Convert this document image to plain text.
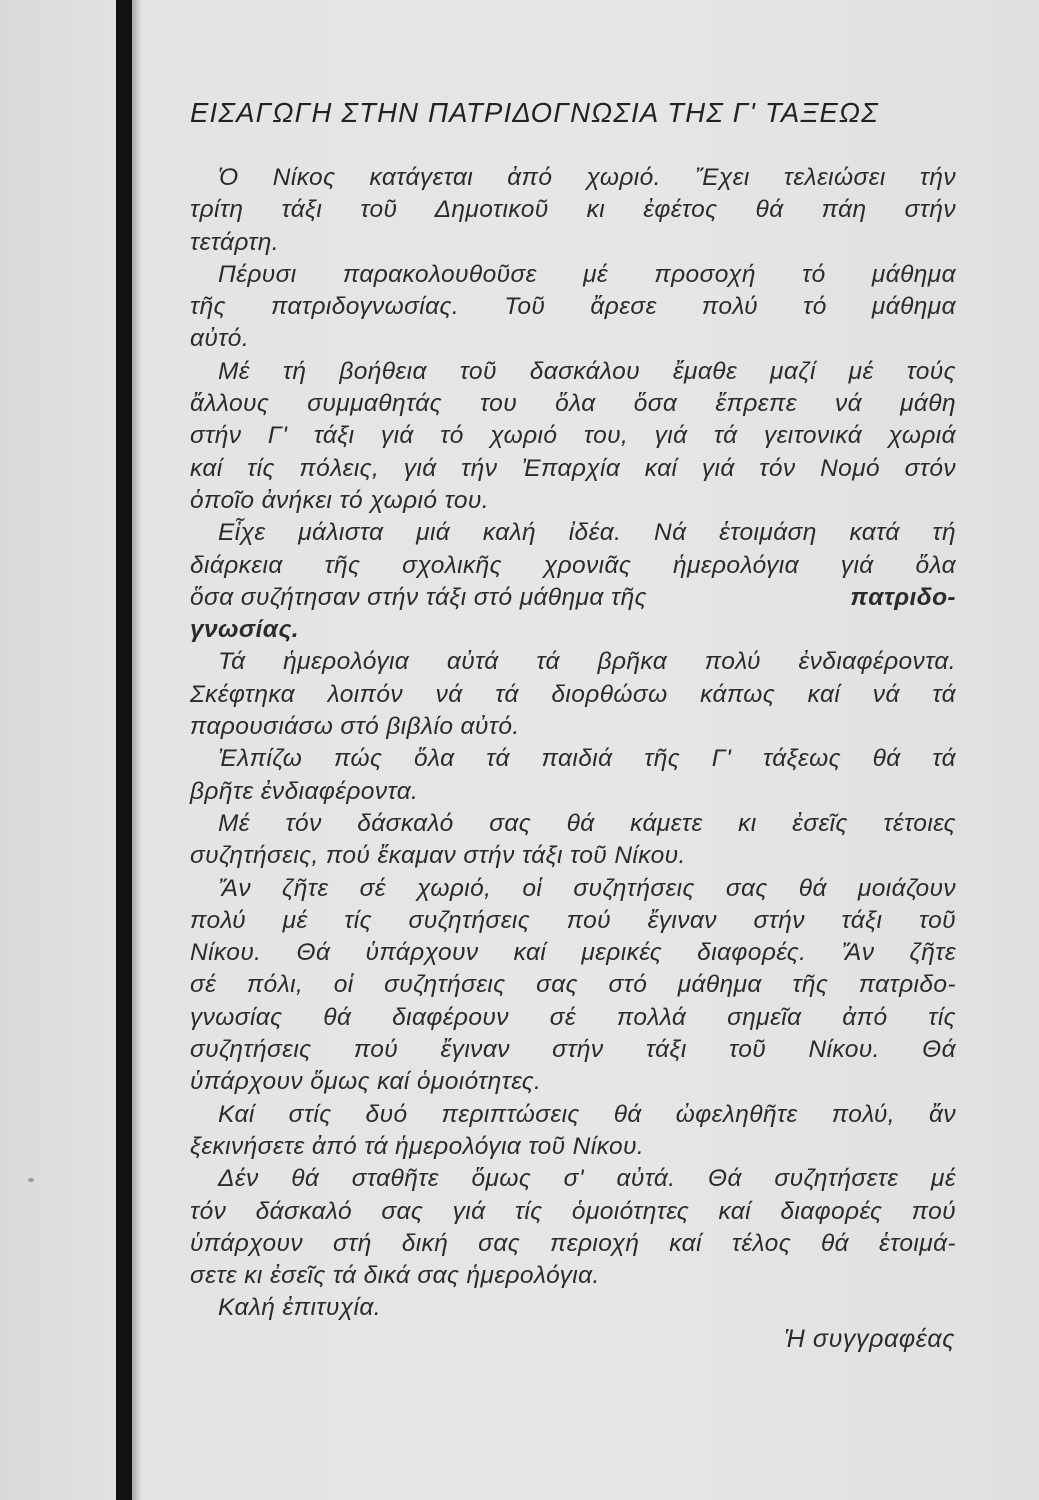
ΕΙΣΑΓΩΓΗ ΣΤΗΝ ΠΑΤΡΙΔΟΓΝΩΣΙΑ ΤΗΣ Γ' ΤΑΞΕΩΣ
Ὁ Νίκος κατάγεται ἀπό χωριό. Ἔχει τελειώσει τήν
τρίτη τάξι τοῦ Δημοτικοῦ κι ἐφέτος θά πάη στήν
τετάρτη.
Πέρυσι παρακολουθοῦσε μέ προσοχή τό μάθημα
τῆς πατριδογνωσίας. Τοῦ ἄρεσε πολύ τό μάθημα
αὐτό.
Μέ τή βοήθεια τοῦ δασκάλου ἔμαθε μαζί μέ τούς
ἄλλους συμμαθητάς του ὅλα ὅσα ἔπρεπε νά μάθη
στήν Γ' τάξι γιά τό χωριό του, γιά τά γειτονικά χωριά
καί τίς πόλεις, γιά τήν Ἐπαρχία καί γιά τόν Νομό στόν
ὁποῖο ἀνήκει τό χωριό του.
Εἶχε μάλιστα μιά καλή ἰδέα. Νά ἑτοιμάση κατά τή
διάρκεια τῆς σχολικῆς χρονιᾶς ἡμερολόγια γιά ὅλα
ὅσα συζήτησαν στήν τάξι στό μάθημα τῆς	πατριδο-
γνωσίας.
Τά ἡμερολόγια αὐτά τά βρῆκα πολύ ἐνδιαφέροντα.
Σκέφτηκα λοιπόν νά τά διορθώσω κάπως καί νά τά
παρουσιάσω στό βιβλίο αὐτό.
Ἐλπίζω πώς ὅλα τά παιδιά τῆς Γ' τάξεως θά τά
βρῆτε ἐνδιαφέροντα.
Μέ τόν δάσκαλό σας θά κάμετε κι ἐσεῖς τέτοιες
συζητήσεις, πού ἔκαμαν στήν τάξι τοῦ Νίκου.
Ἄν ζῆτε σέ χωριό, οἱ συζητήσεις σας θά μοιάζουν
πολύ μέ τίς συζητήσεις πού ἔγιναν στήν τάξι τοῦ
Νίκου. Θά ὑπάρχουν καί μερικές διαφορές. Ἄν ζῆτε
σέ πόλι, οἱ συζητήσεις σας στό μάθημα τῆς πατριδο-
γνωσίας θά διαφέρουν σέ πολλά σημεῖα ἀπό τίς
συζητήσεις πού ἔγιναν στήν τάξι τοῦ Νίκου. Θά
ὑπάρχουν ὅμως καί ὁμοιότητες.
Καί στίς δυό περιπτώσεις θά ὠφεληθῆτε πολύ, ἄν
ξεκινήσετε ἀπό τά ἡμερολόγια τοῦ Νίκου.
Δέν θά σταθῆτε ὅμως σ' αὐτά. Θά συζητήσετε μέ
τόν δάσκαλό σας γιά τίς ὁμοιότητες καί διαφορές πού
ὑπάρχουν στή δική σας περιοχή καί τέλος θά ἑτοιμά-
σετε κι ἐσεῖς τά δικά σας ἡμερολόγια.
Καλή ἐπιτυχία.
Ἡ συγγραφέας
